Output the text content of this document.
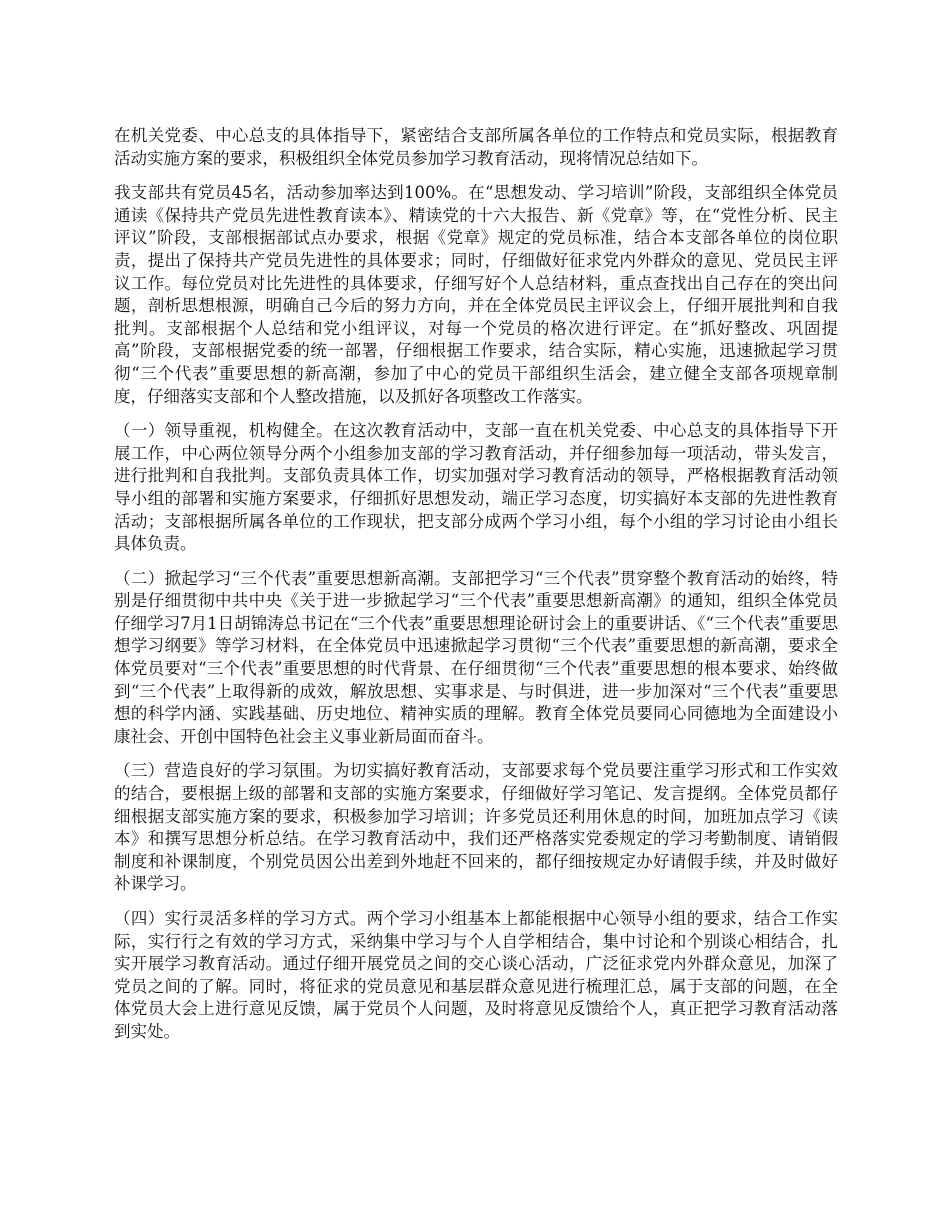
在机关党委、中心总支的具体指导下，紧密结合支部所属各单位的工作特点和党员实际，根据教育活动实施方案的要求，积极组织全体党员参加学习教育活动，现将情况总结如下。

我支部共有党员45名，活动参加率达到100%。在“思想发动、学习培训”阶段，支部组织全体党员通读《保持共产党员先进性教育读本》、精读党的十六大报告、新《党章》等，在“党性分析、民主评议”阶段，支部根据部试点办要求，根据《党章》规定的党员标准，结合本支部各单位的岗位职责，提出了保持共产党员先进性的具体要求；同时，仔细做好征求党内外群众的意见、党员民主评议工作。每位党员对比先进性的具体要求，仔细写好个人总结材料，重点查找出自己存在的突出问题，剖析思想根源，明确自己今后的努力方向，并在全体党员民主评议会上，仔细开展批判和自我批判。支部根据个人总结和党小组评议，对每一个党员的格次进行评定。在“抓好整改、巩固提高”阶段，支部根据党委的统一部署，仔细根据工作要求，结合实际，精心实施，迅速掀起学习贯彻“三个代表”重要思想的新高潮，参加了中心的党员干部组织生活会，建立健全支部各项规章制度，仔细落实支部和个人整改措施，以及抓好各项整改工作落实。

（一）领导重视，机构健全。在这次教育活动中，支部一直在机关党委、中心总支的具体指导下开展工作，中心两位领导分两个小组参加支部的学习教育活动，并仔细参加每一项活动，带头发言，进行批判和自我批判。支部负责具体工作，切实加强对学习教育活动的领导，严格根据教育活动领导小组的部署和实施方案要求，仔细抓好思想发动，端正学习态度，切实搞好本支部的先进性教育活动；支部根据所属各单位的工作现状，把支部分成两个学习小组，每个小组的学习讨论由小组长具体负责。

（二）掀起学习“三个代表”重要思想新高潮。支部把学习“三个代表”贯穿整个教育活动的始终，特别是仔细贯彻中共中央《关于进一步掀起学习“三个代表”重要思想新高潮》的通知，组织全体党员仔细学习7月1日胡锦涛总书记在“三个代表”重要思想理论研讨会上的重要讲话、《“三个代表”重要思想学习纲要》等学习材料，在全体党员中迅速掀起学习贯彻“三个代表”重要思想的新高潮，要求全体党员要对“三个代表”重要思想的时代背景、在仔细贯彻“三个代表”重要思想的根本要求、始终做到“三个代表”上取得新的成效，解放思想、实事求是、与时俱进，进一步加深对“三个代表”重要思想的科学内涵、实践基础、历史地位、精神实质的理解。教育全体党员要同心同德地为全面建设小康社会、开创中国特色社会主义事业新局面而奋斗。

（三）营造良好的学习氛围。为切实搞好教育活动，支部要求每个党员要注重学习形式和工作实效的结合，要根据上级的部署和支部的实施方案要求，仔细做好学习笔记、发言提纲。全体党员都仔细根据支部实施方案的要求，积极参加学习培训；许多党员还利用休息的时间，加班加点学习《读本》和撰写思想分析总结。在学习教育活动中，我们还严格落实党委规定的学习考勤制度、请销假制度和补课制度，个别党员因公出差到外地赶不回来的，都仔细按规定办好请假手续，并及时做好补课学习。

（四）实行灵活多样的学习方式。两个学习小组基本上都能根据中心领导小组的要求，结合工作实际，实行行之有效的学习方式，采纳集中学习与个人自学相结合，集中讨论和个别谈心相结合，扎实开展学习教育活动。通过仔细开展党员之间的交心谈心活动，广泛征求党内外群众意见，加深了党员之间的了解。同时，将征求的党员意见和基层群众意见进行梳理汇总，属于支部的问题，在全体党员大会上进行意见反馈，属于党员个人问题，及时将意见反馈给个人，真正把学习教育活动落到实处。
